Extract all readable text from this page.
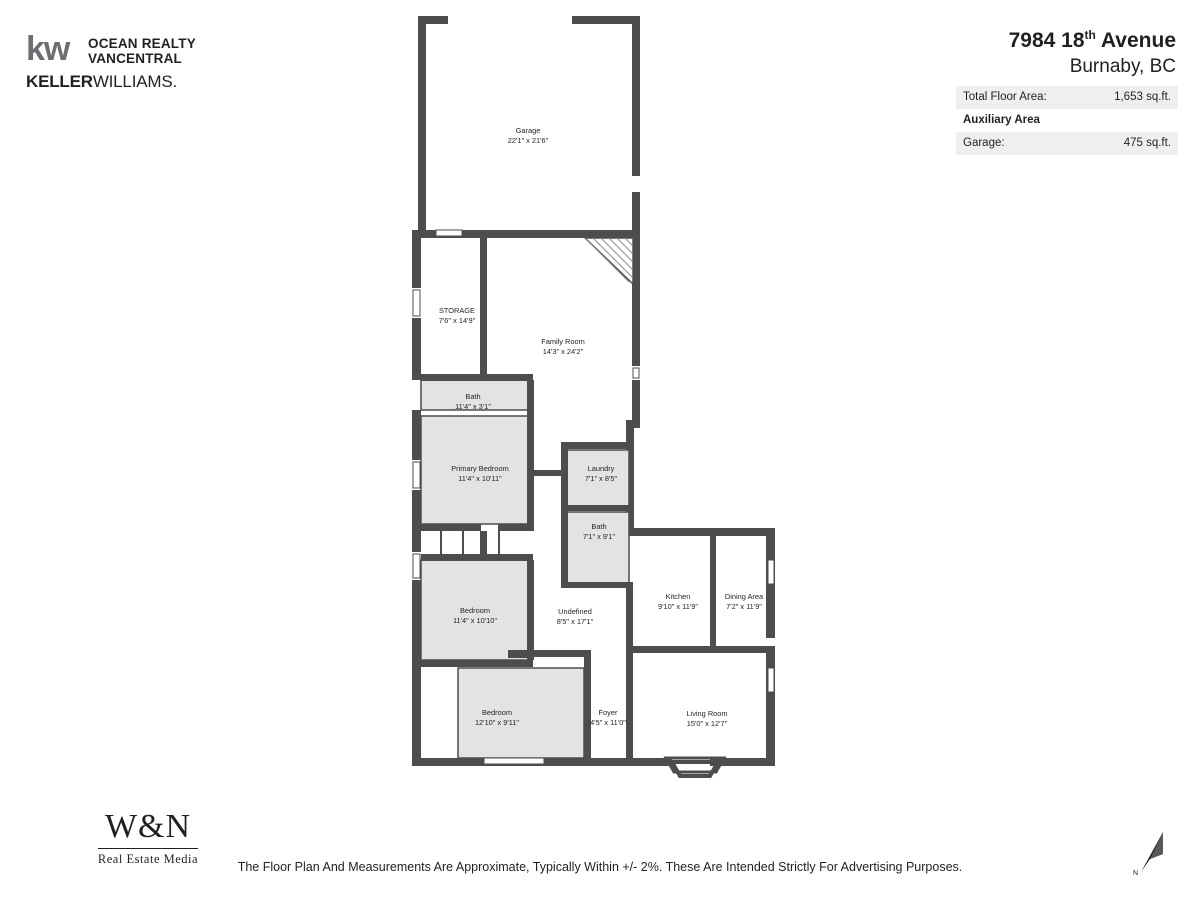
kw	OCEAN REALTY
VANCENTRAL
KELLERWILLIAMS.
7984 18th Avenue
Burnaby, BC
Total Floor Area:	1,653 sq.ft.
Auxiliary Area
Garage:	475 sq.ft.
Garage
22'1" x 21'6"
STORAGE
7'6" x 14'9"
Family Room
14'3" x 24'2"
Bath
11'4" x 3'1"
Primary Bedroom
11'4" x 10'11"
Laundry
7'1" x 8'5"
Bath
7'1" x 9'1"
Kitchen
9'10" x 11'9"
Dining Area
7'2" x 11'9"
Bedroom
11'4" x 10'10"
Undefined
8'5" x 17'1"
Bedroom
12'10" x 9'11"
Foyer
4'5" x 11'0"
Living Room
15'0" x 12'7"
W&N
Real Estate Media
The Floor Plan And Measurements Are Approximate, Typically Within +/- 2%. These Are Intended Strictly For Advertising Purposes.	N
